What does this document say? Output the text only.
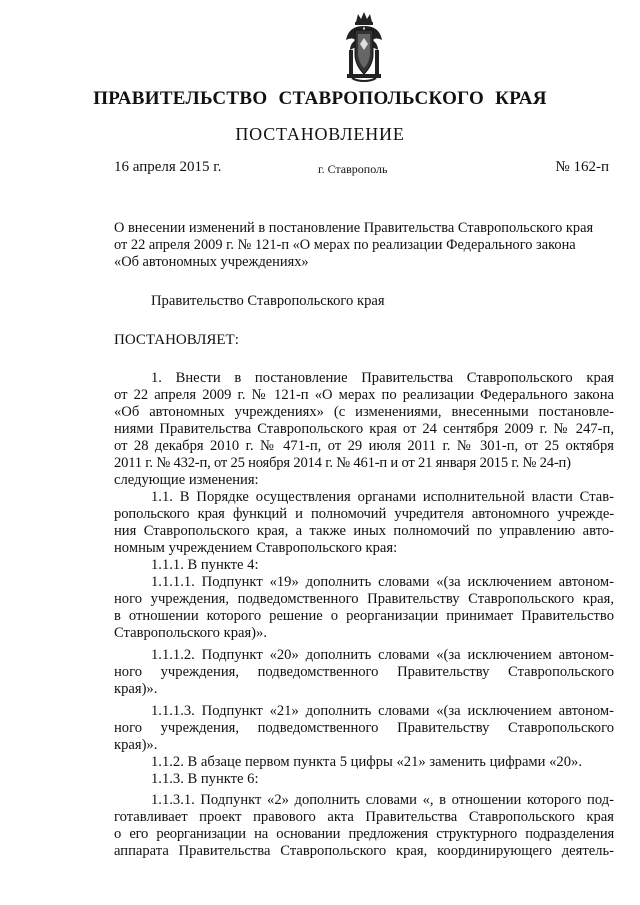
ПРАВИТЕЛЬСТВО СТАВРОПОЛЬСКОГО КРАЯ
ПОСТАНОВЛЕНИЕ
16 апреля 2015 г.	г. Ставрополь	№ 162-п
О внесении изменений в постановление Правительства Ставропольского края
от 22 апреля 2009 г. № 121-п «О мерах по реализации Федерального закона
«Об автономных учреждениях»
Правительство Ставропольского края
ПОСТАНОВЛЯЕТ:
1. Внести в постановление Правительства Ставропольского края
от 22 апреля 2009 г. № 121-п «О мерах по реализации Федерального закона
«Об автономных учреждениях» (с изменениями, внесенными постановле-
ниями Правительства Ставропольского края от 24 сентября 2009 г. № 247-п,
от 28 декабря 2010 г. № 471-п, от 29 июля 2011 г. № 301-п, от 25 октября
2011 г. № 432-п, от 25 ноября 2014 г. № 461-п и от 21 января 2015 г. № 24-п)
следующие изменения:
1.1. В Порядке осуществления органами исполнительной власти Став-
ропольского края функций и полномочий учредителя автономного учрежде-
ния Ставропольского края, а также иных полномочий по управлению авто-
номным учреждением Ставропольского края:
1.1.1. В пункте 4:
1.1.1.1. Подпункт «19» дополнить словами «(за исключением автоном-
ного учреждения, подведомственного Правительству Ставропольского края,
в отношении которого решение о реорганизации принимает Правительство
Ставропольского края)».
1.1.1.2. Подпункт «20» дополнить словами «(за исключением автоном-
ного учреждения, подведомственного Правительству Ставропольского
края)».
1.1.1.3. Подпункт «21» дополнить словами «(за исключением автоном-
ного учреждения, подведомственного Правительству Ставропольского
края)».
1.1.2. В абзаце первом пункта 5 цифры «21» заменить цифрами «20».
1.1.3. В пункте 6:
1.1.3.1. Подпункт «2» дополнить словами «, в отношении которого под-
готавливает проект правового акта Правительства Ставропольского края
о его реорганизации на основании предложения структурного подразделения
аппарата Правительства Ставропольского края, координирующего деятель-
